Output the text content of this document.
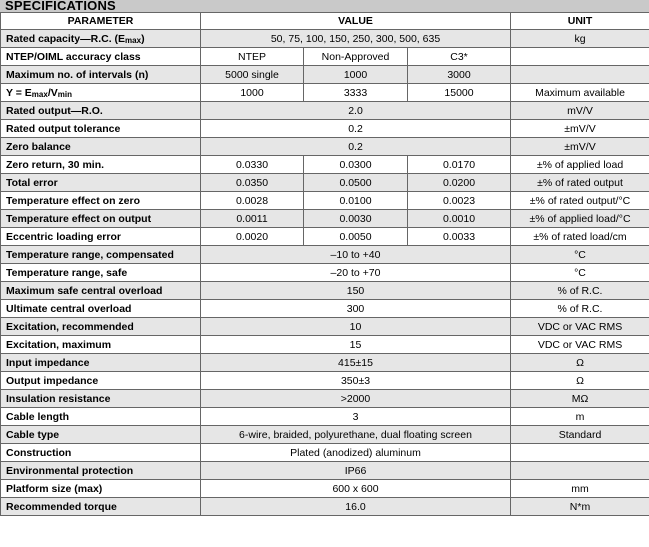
SPECIFICATIONS
PARAMETER	VALUE			UNIT
Rated capacity—R.C. $(E_{max})$	50, 75, 100, 150, 250, 300, 500, 635			kg
NTEP/OIML accuracy class	NTEP	Non-Approved	C3*	
Maximum no. of intervals (n)	5000 single	1000	3000	
$Y = E_{max}/V_{min}$	1000	3333	15000	Maximum available
Rated output—R.O.	2.0			mV/V
Rated output tolerance	0.2			±mV/V
Zero balance	0.2			±mV/V
Zero return, 30 min.	0.0330	0.0300	0.0170	±% of applied load
Total error	0.0350	0.0500	0.0200	±% of rated output
Temperature effect on zero	0.0028	0.0100	0.0023	±% of rated output/°C
Temperature effect on output	0.0011	0.0030	0.0010	±% of applied load/°C
Eccentric loading error	0.0020	0.0050	0.0033	±% of rated load/cm
Temperature range, compensated	–10 to +40			°C
Temperature range, safe	–20 to +70			°C
Maximum safe central overload	150			% of R.C.
Ultimate central overload	300			% of R.C.
Excitation, recommended	10			VDC or VAC RMS
Excitation, maximum	15			VDC or VAC RMS
Input impedance	415±15			Ω
Output impedance	350±3			Ω
Insulation resistance	>2000			MΩ
Cable length	3			m
Cable type	6-wire, braided, polyurethane, dual floating screen			Standard
Construction	Plated (anodized) aluminum			
Environmental protection	IP66			
Platform size (max)	600 x 600			mm
Recommended torque	16.0			N*m
